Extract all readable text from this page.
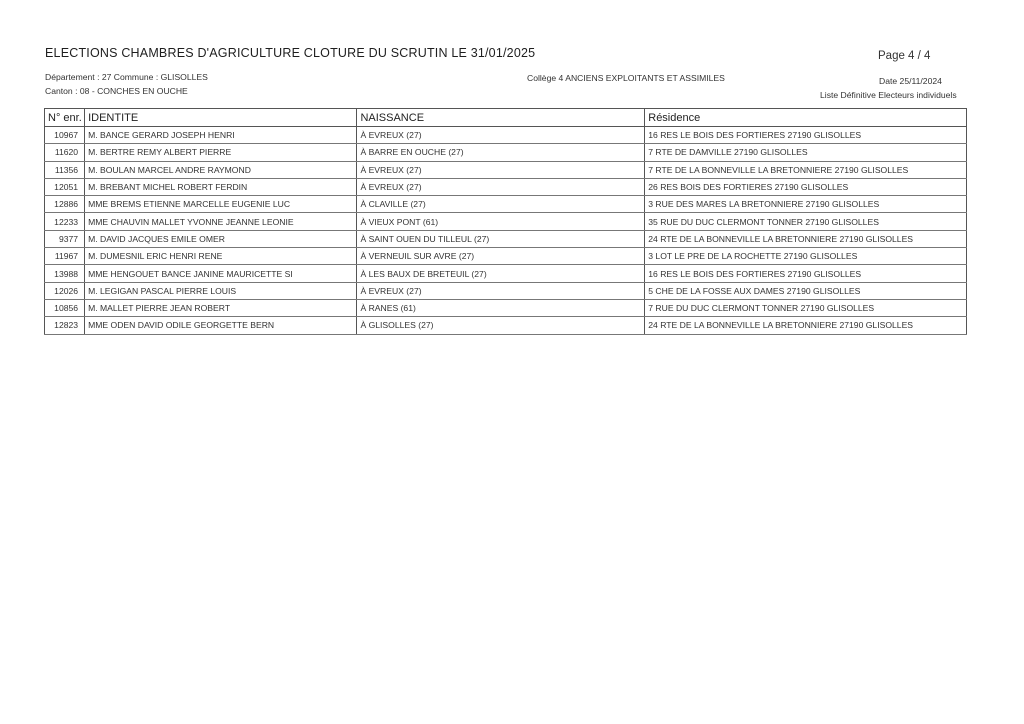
ELECTIONS CHAMBRES D'AGRICULTURE CLOTURE DU SCRUTIN LE 31/01/2025	Page 4 / 4
Département : 27 Commune : GLISOLLES
Canton : 08 - CONCHES EN OUCHE
Collège 4 ANCIENS EXPLOITANTS ET ASSIMILES	Date 25/11/2024
Liste Définitive Electeurs individuels
N° enr.	IDENTITE	NAISSANCE	Résidence
10967	M. BANCE GERARD JOSEPH HENRI	À EVREUX (27)	16 RES LE BOIS DES FORTIERES 27190 GLISOLLES
11620	M. BERTRE REMY ALBERT PIERRE	À BARRE EN OUCHE (27)	7 RTE DE DAMVILLE 27190 GLISOLLES
11356	M. BOULAN MARCEL ANDRE RAYMOND	À EVREUX (27)	7 RTE DE LA BONNEVILLE LA BRETONNIERE 27190 GLISOLLES
12051	M. BREBANT MICHEL ROBERT FERDIN	À EVREUX (27)	26 RES BOIS DES FORTIERES 27190 GLISOLLES
12886	MME BREMS ETIENNE MARCELLE EUGENIE LUC	À CLAVILLE (27)	3 RUE DES MARES LA BRETONNIERE 27190 GLISOLLES
12233	MME CHAUVIN MALLET YVONNE JEANNE LEONIE	À VIEUX PONT (61)	35 RUE DU DUC CLERMONT TONNER 27190 GLISOLLES
9377	M. DAVID JACQUES EMILE OMER	À SAINT OUEN DU TILLEUL (27)	24 RTE DE LA BONNEVILLE LA BRETONNIERE 27190 GLISOLLES
11967	M. DUMESNIL ERIC HENRI RENE	À VERNEUIL SUR AVRE (27)	3 LOT LE PRE DE LA ROCHETTE 27190 GLISOLLES
13988	MME HENGOUET BANCE JANINE MAURICETTE SI	À LES BAUX DE BRETEUIL (27)	16 RES LE BOIS DES FORTIERES 27190 GLISOLLES
12026	M. LEGIGAN PASCAL PIERRE LOUIS	À EVREUX (27)	5 CHE DE LA FOSSE AUX DAMES 27190 GLISOLLES
10856	M. MALLET PIERRE JEAN ROBERT	À RANES (61)	7 RUE DU DUC CLERMONT TONNER 27190 GLISOLLES
12823	MME ODEN DAVID ODILE GEORGETTE BERN	À GLISOLLES (27)	24 RTE DE LA BONNEVILLE LA BRETONNIERE 27190 GLISOLLES
